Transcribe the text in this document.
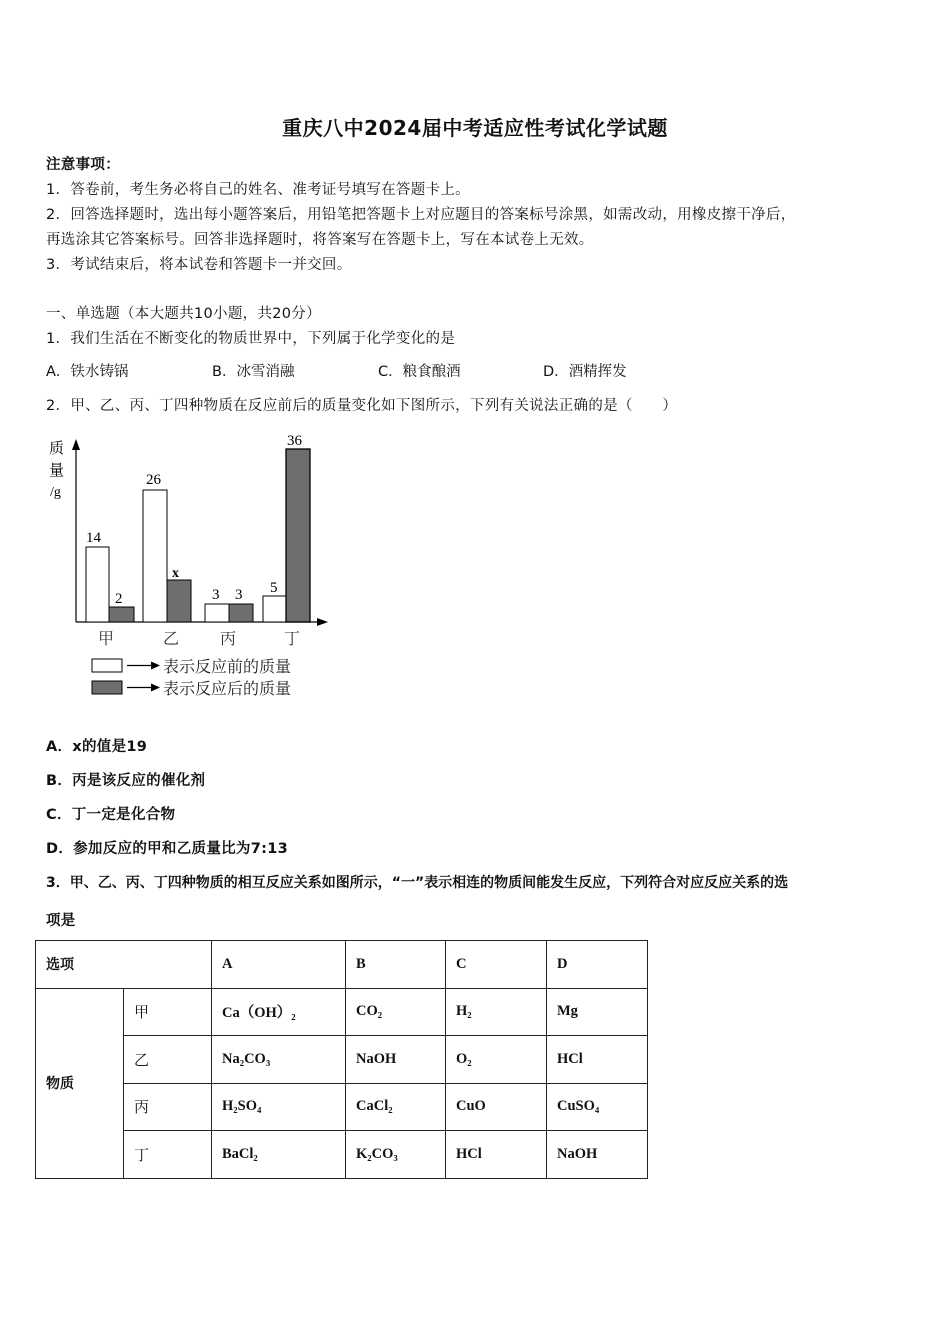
重庆八中2024届中考适应性考试化学试题
注意事项：
1．答卷前，考生务必将自己的姓名、准考证号填写在答题卡上。
2．回答选择题时，选出每小题答案后，用铅笔把答题卡上对应题目的答案标号涂黑，如需改动，用橡皮擦干净后，
再选涂其它答案标号。回答非选择题时，将答案写在答题卡上，写在本试卷上无效。
3．考试结束后，将本试卷和答题卡一并交回。
一、单选题（本大题共10小题，共20分）
1．我们生活在不断变化的物质世界中，下列属于化学变化的是
A．铁水铸锅	B．冰雪消融	C．粮食酿酒	D．酒精挥发
2．甲、乙、丙、丁四种物质在反应前后的质量变化如下图所示，下列有关说法正确的是（　　）
质
量
/g
14
2
26
x
3 3 5
36
甲	乙	丙	丁
表示反应前的质量
表示反应后的质量
A．x的值是19
B．丙是该反应的催化剂
C．丁一定是化合物
D．参加反应的甲和乙质量比为7:13
3．甲、乙、丙、丁四种物质的相互反应关系如图所示，“一”表示相连的物质间能发生反应，下列符合对应反应关系的选
项是
选项		A	B	C	D
物质	甲	Ca（OH）₂	CO₂	H₂	Mg
	乙	Na₂CO₃	NaOH	O₂	HCl
	丙	H₂SO₄	CaCl₂	CuO	CuSO₄
	丁	BaCl₂	K₂CO₃	HCl	NaOH
